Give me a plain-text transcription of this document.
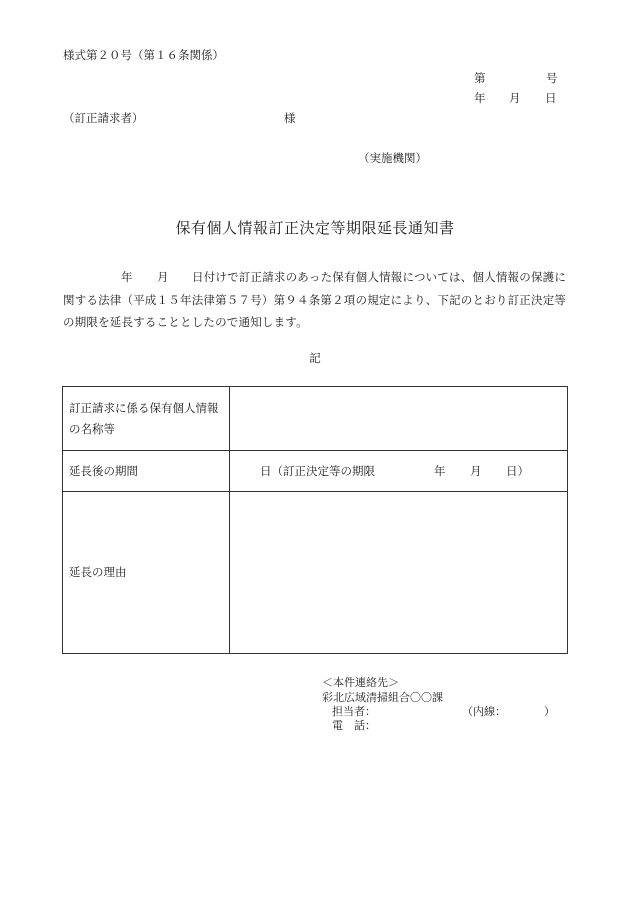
様式第２０号（第１６条関係）
第	号
年 月 日
（訂正請求者）	様
（実施機関）
保有個人情報訂正決定等期限延長通知書
年 月 日付けで訂正請求のあった保有個人情報については、個人情報の保護に
関する法律（平成１５年法律第５７号）第９４条第２項の規定により、下記のとおり訂正決定等
の期限を延長することとしたので通知します。
記
訂正請求に係る保有個人情報
の名称等	

延長後の期間	日（訂正決定等の期限 年 月 日）

延長の理由	
＜本件連絡先＞
彩北広域清掃組合〇〇課
担当者：	（内線：	）
電　話：
